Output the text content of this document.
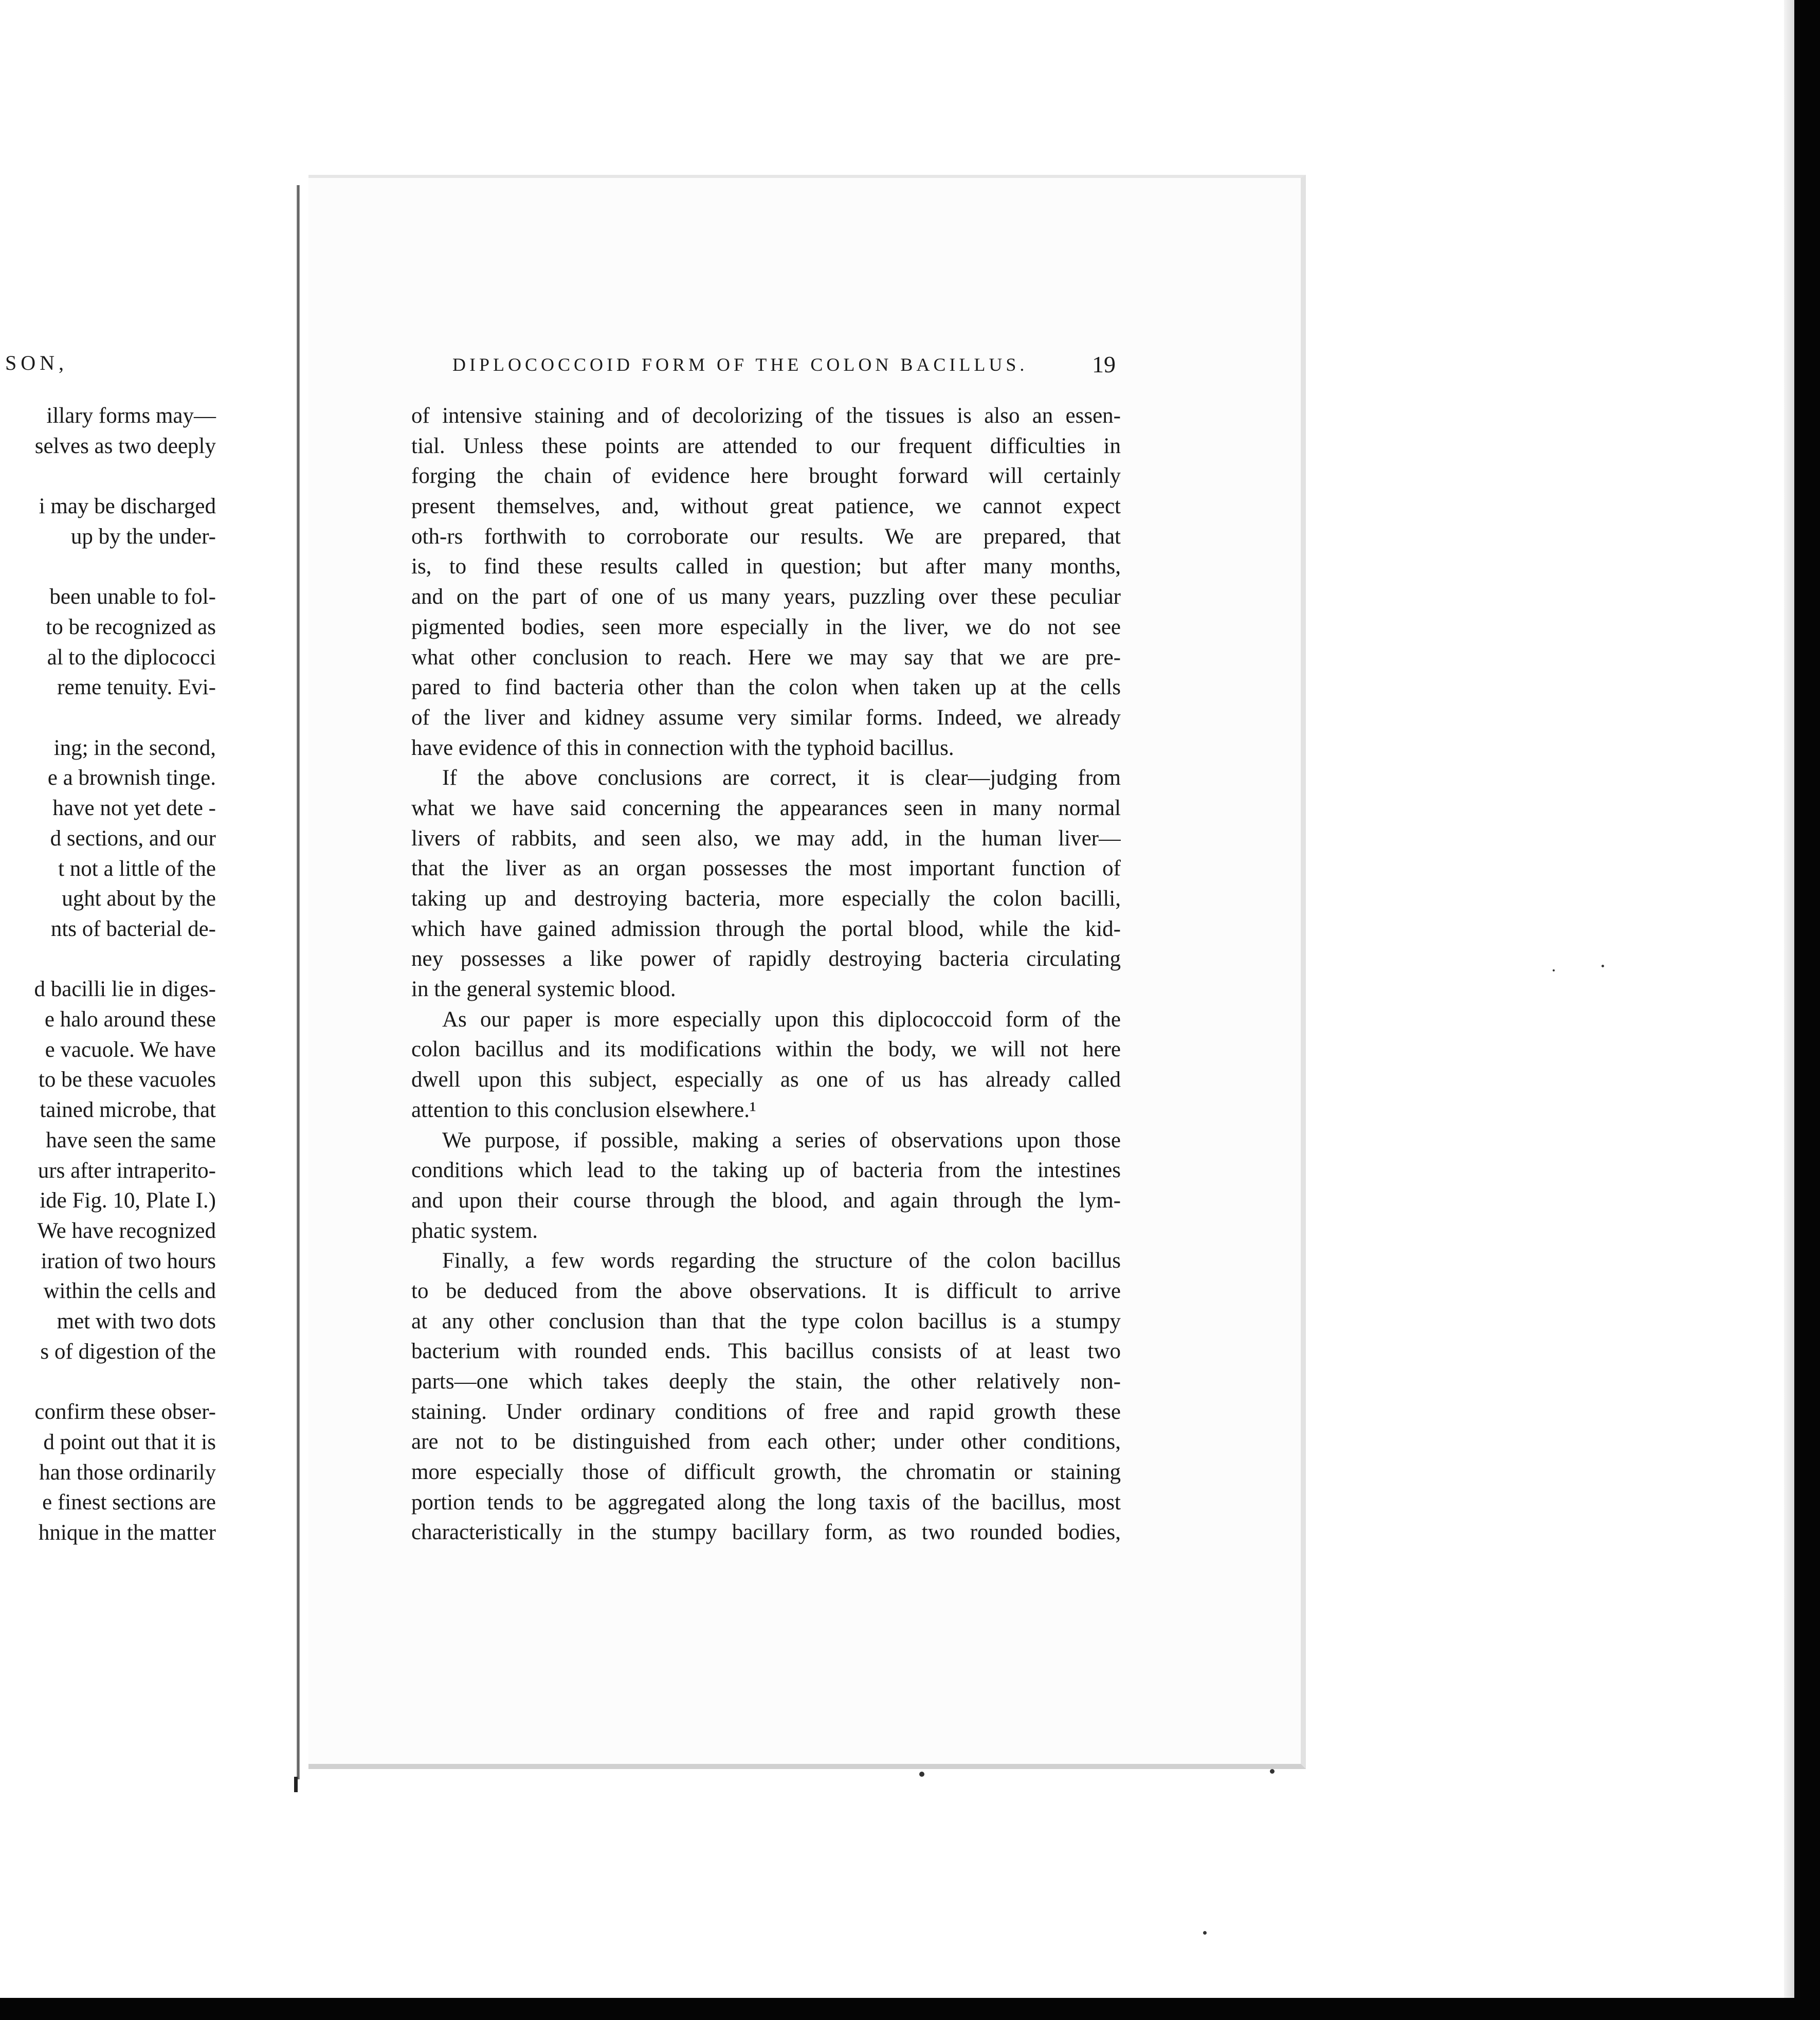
SON,
illary forms may—
selves as two deeply
i may be discharged
up by the under-
been unable to fol-
to be recognized as
al to the diplococci
reme tenuity. Evi-
ing; in the second,
e a brownish tinge.
have not yet dete -
d sections, and our
t not a little of the
ught about by the
nts of bacterial de-
d bacilli lie in diges-
e halo around these
e vacuole. We have
to be these vacuoles
tained microbe, that
have seen the same
urs after intraperito-
ide Fig. 10, Plate I.)
We have recognized
iration of two hours
within the cells and
met with two dots
s of digestion of the
confirm these obser-
d point out that it is
han those ordinarily
e finest sections are
hnique in the matter
DIPLOCOCCOID FORM OF THE COLON BACILLUS.	19
of intensive staining and of decolorizing of the tissues is also an essen-
tial. Unless these points are attended to our frequent difficulties in
forging the chain of evidence here brought forward will certainly
present themselves, and, without great patience, we cannot expect
oth-rs forthwith to corroborate our results. We are prepared, that
is, to find these results called in question; but after many months,
and on the part of one of us many years, puzzling over these peculiar
pigmented bodies, seen more especially in the liver, we do not see
what other conclusion to reach. Here we may say that we are pre-
pared to find bacteria other than the colon when taken up at the cells
of the liver and kidney assume very similar forms. Indeed, we already
have evidence of this in connection with the typhoid bacillus.
If the above conclusions are correct, it is clear—judging from
what we have said concerning the appearances seen in many normal
livers of rabbits, and seen also, we may add, in the human liver—
that the liver as an organ possesses the most important function of
taking up and destroying bacteria, more especially the colon bacilli,
which have gained admission through the portal blood, while the kid-
ney possesses a like power of rapidly destroying bacteria circulating
in the general systemic blood.
As our paper is more especially upon this diplococcoid form of the
colon bacillus and its modifications within the body, we will not here
dwell upon this subject, especially as one of us has already called
attention to this conclusion elsewhere.¹
We purpose, if possible, making a series of observations upon those
conditions which lead to the taking up of bacteria from the intestines
and upon their course through the blood, and again through the lym-
phatic system.
Finally, a few words regarding the structure of the colon bacillus
to be deduced from the above observations. It is difficult to arrive
at any other conclusion than that the type colon bacillus is a stumpy
bacterium with rounded ends. This bacillus consists of at least two
parts—one which takes deeply the stain, the other relatively non-
staining. Under ordinary conditions of free and rapid growth these
are not to be distinguished from each other; under other conditions,
more especially those of difficult growth, the chromatin or staining
portion tends to be aggregated along the long taxis of the bacillus, most
characteristically in the stumpy bacillary form, as two rounded bodies,
